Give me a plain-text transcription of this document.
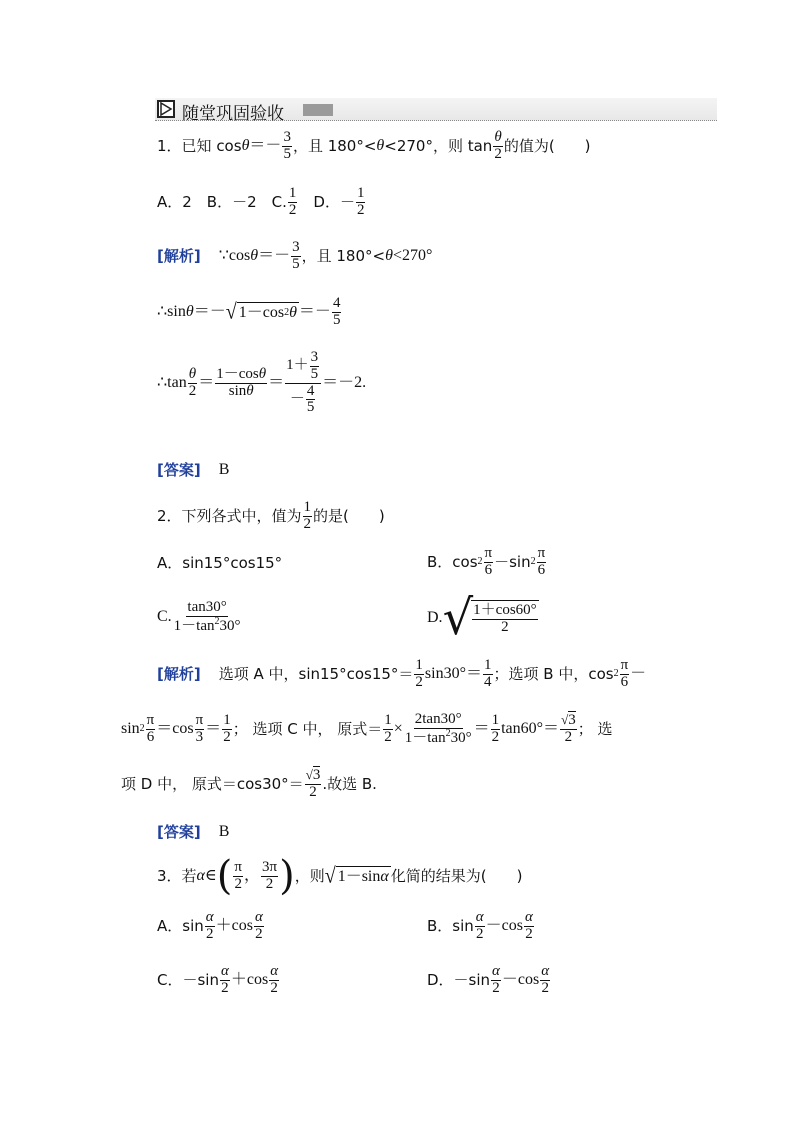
随堂巩固验收
1． 已知 $\cos \theta =- \frac{3}{5}$ ，且 180°< θ <270°，则 $\tan \frac{\theta}{2}$ 的值为(　　)
A．2　B．－2　C. $\frac{1}{2}$ 　D．－ $\frac{1}{2}$
[解析] ∵cos $\theta =- \frac{3}{5}$ ，且 180°< θ <270°
∴sin θ ＝－ √ 1－cos 2 $\theta =- \frac{4}{5}$
∴tan $\frac{\theta}{2} = \frac{1-\cos\theta}{\sin\theta} = \frac{1+ \frac{3}{5}}{- \frac{4}{5}} =-2$.
[答案] B
2．下列各式中，值为 $\frac{1}{2}$ 的是(　　)
A．sin15°cos15°	B．$\cos 2 \frac{\pi}{6} -\sin$ $2 \frac{\pi}{6}$
C. $\frac{\tan 30^\circ}{1-\tan^230^\circ}$	D. √ $\frac{1+\cos 60^\circ}{2}$
[解析] 选项 A 中，$\sin 15^\circ\cos 15^\circ= \frac{1}{2} \sin 30^\circ= \frac{1}{4}$ ；选项 B 中，$\cos 2 \frac{\pi}{6}$ －
$\sin 2 \frac{\pi}{6} =\cos \frac{\pi}{3} = \frac{1}{2}$ ； 选项 C 中， 原式＝ $\frac{1}{2} \times \frac{2\tan 30^\circ}{1-\tan^230^\circ} = \frac{1}{2} \tan 60^\circ= \frac{√3}{2}$ ； 选
项 D 中， 原式$=\cos 30^\circ= \frac{√3}{2}$ .故选 B.
[答案] B
3．若 α ∈ ( $\frac{\pi}{2}$ ， $\frac{3\pi}{2}$ ) ，则 √ 1－sin α 化简的结果为(　　)
A．$\sin \frac{\alpha}{2} +\cos \frac{\alpha}{2}$	B．$\sin \frac{\alpha}{2} -\cos \frac{\alpha}{2}$
C．$-\sin \frac{\alpha}{2} +\cos \frac{\alpha}{2}$	D．$-\sin \frac{\alpha}{2} -\cos \frac{\alpha}{2}$
